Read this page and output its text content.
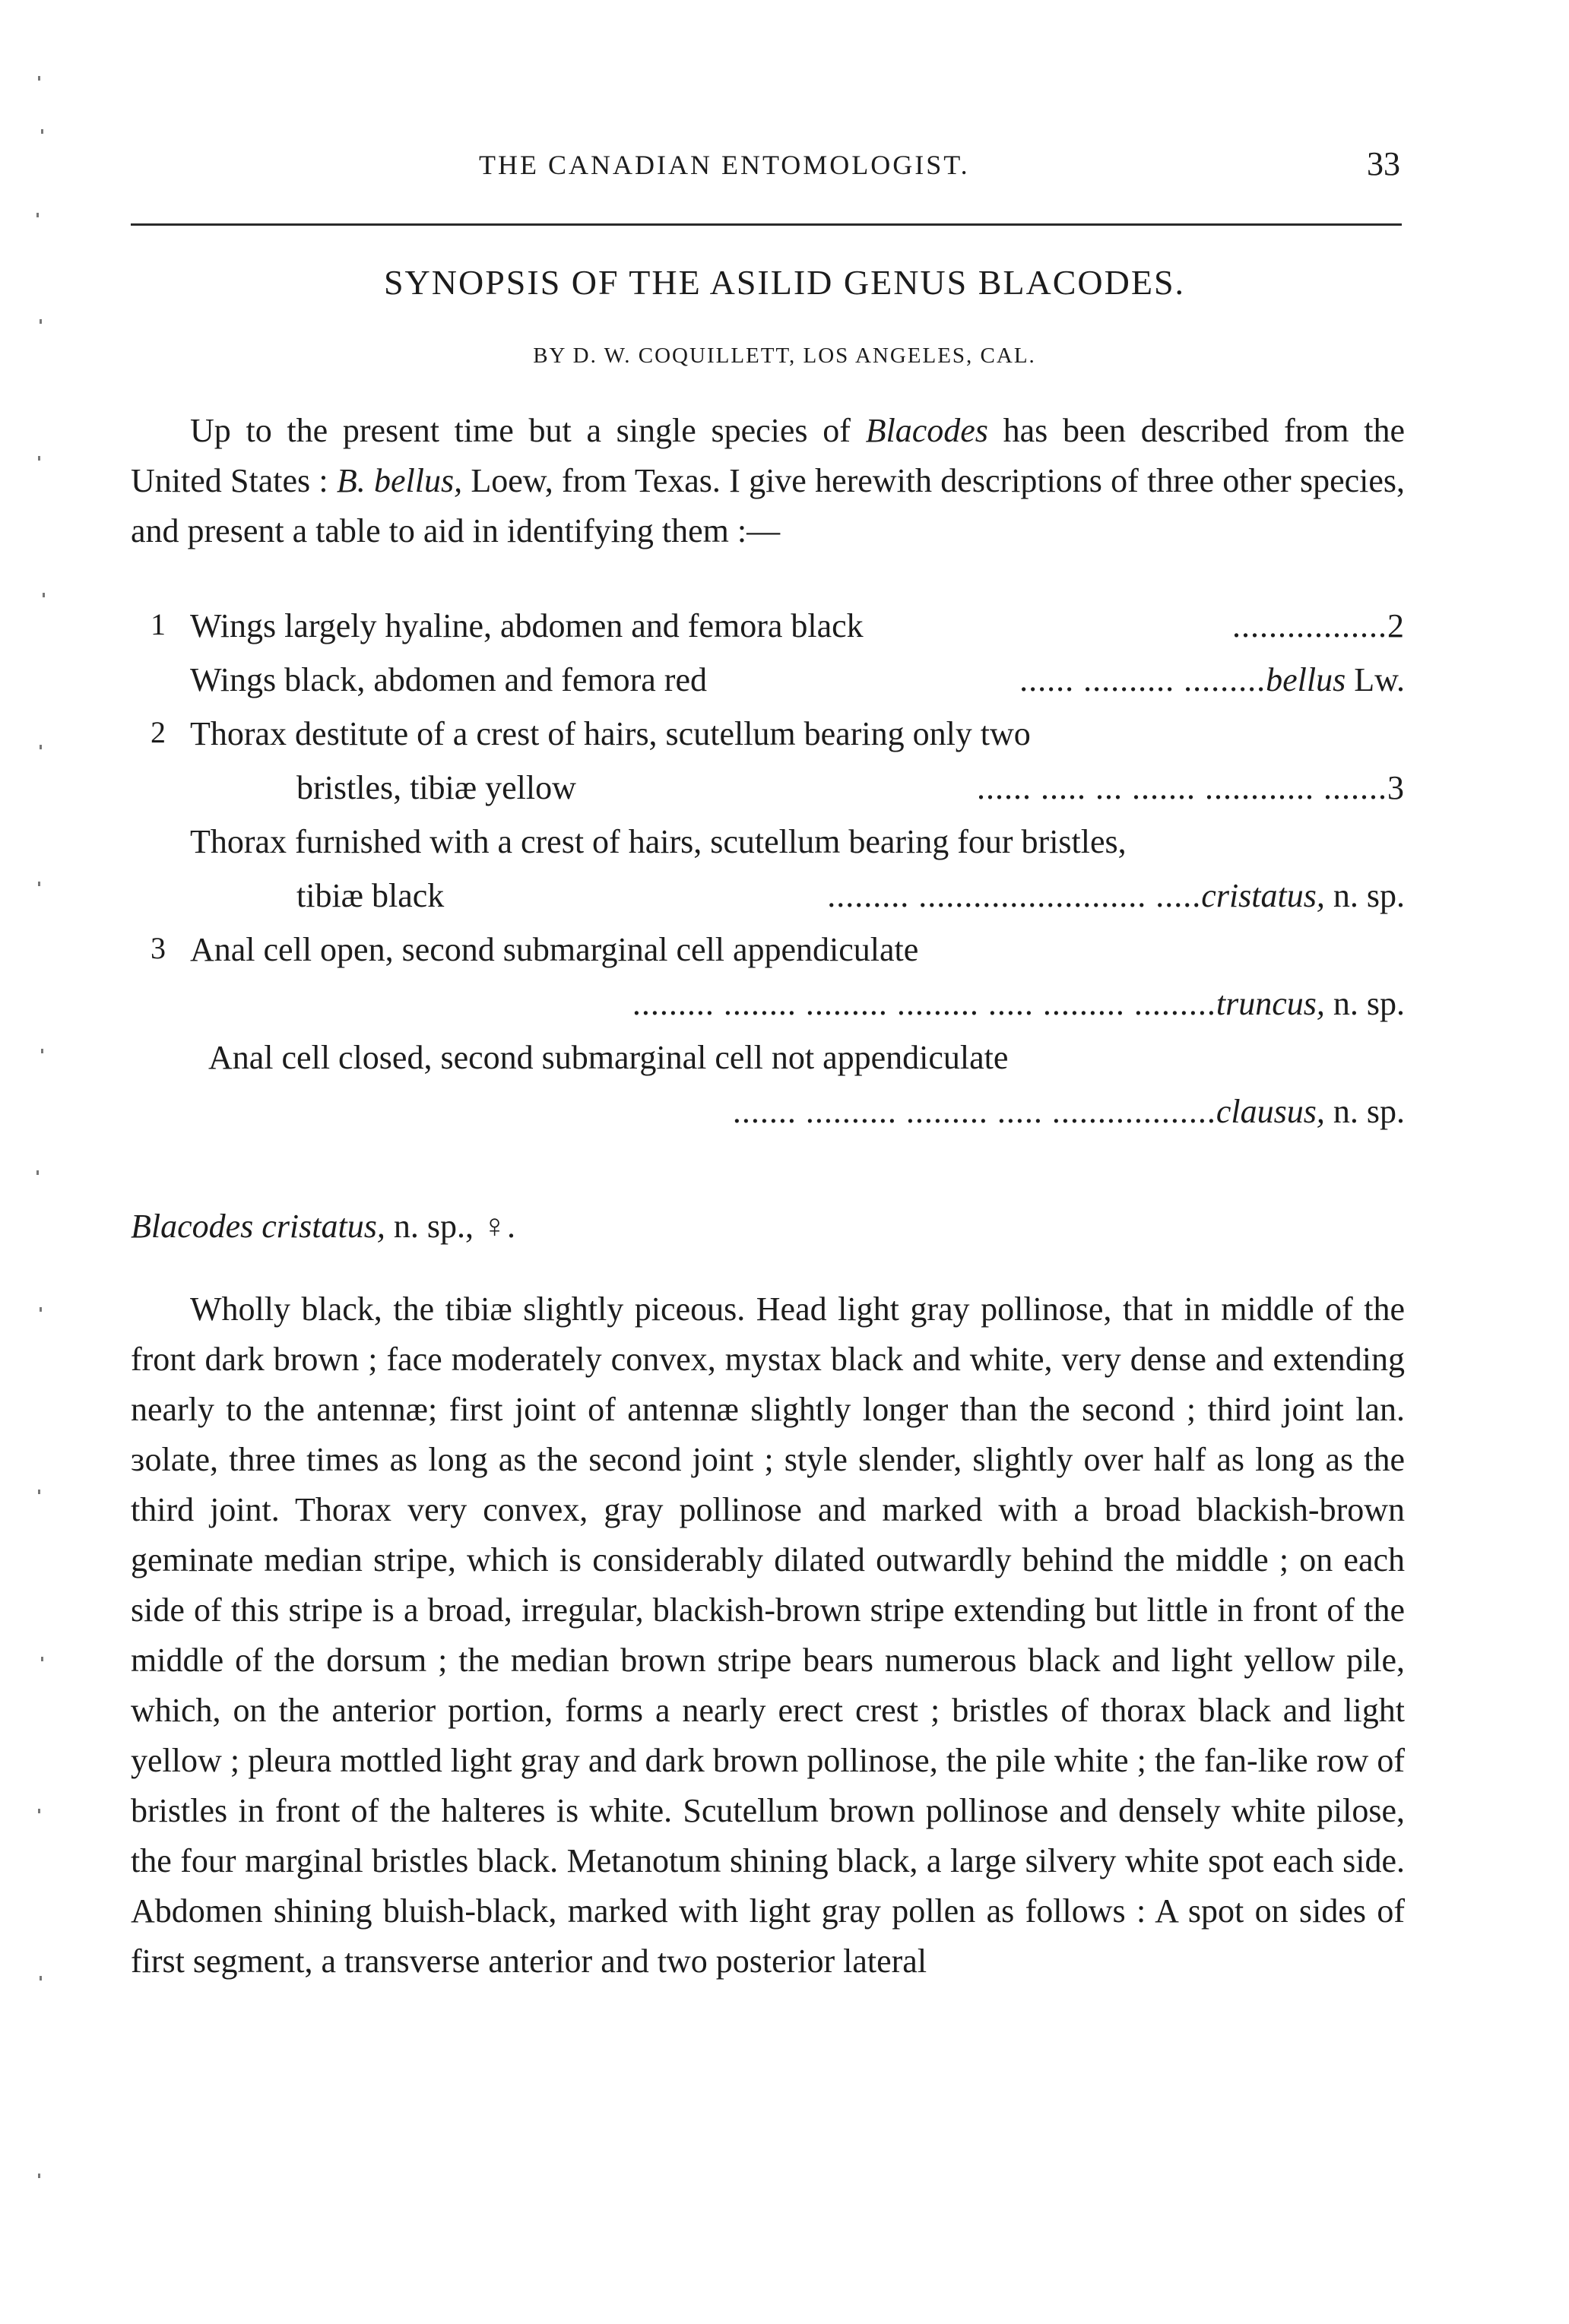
THE CANADIAN ENTOMOLOGIST.	33
SYNOPSIS OF THE ASILID GENUS BLACODES.
BY D. W. COQUILLETT, LOS ANGELES, CAL.

Up to the present time but a single species of Blacodes has been described from the United States : B. bellus, Loew, from Texas. I give herewith descriptions of three other species, and present a table to aid in identifying them :—

1 Wings largely hyaline, abdomen and femora black	.................2
Wings black, abdomen and femora red	...... .......... .........bellus Lw.
2 Thorax destitute of a crest of hairs, scutellum bearing only two
bristles, tibiæ yellow	...... ..... ... ....... ............ .......3
Thorax furnished with a crest of hairs, scutellum bearing four bristles,
tibiæ black	......... ......................... .....cristatus, n. sp.
3 Anal cell open, second submarginal cell appendiculate
......... ........ ......... ......... ..... ......... .........truncus, n. sp.
Anal cell closed, second submarginal cell not appendiculate
....... .......... ......... ..... ..................clausus, n. sp.
Blacodes cristatus, n. sp., ♀.

Wholly black, the tibiæ slightly piceous. Head light gray pollinose, that in middle of the front dark brown ; face moderately convex, mystax black and white, very dense and extending nearly to the antennæ; first joint of antennæ slightly longer than the second ; third joint lan. ɜolate, three times as long as the second joint ; style slender, slightly over half as long as the third joint. Thorax very convex, gray pollinose and marked with a broad blackish-brown geminate median stripe, which is considerably dilated outwardly behind the middle ; on each side of this stripe is a broad, irregular, blackish-brown stripe extending but little in front of the middle of the dorsum ; the median brown stripe bears numerous black and light yellow pile, which, on the anterior portion, forms a nearly erect crest ; bristles of thorax black and light yellow ; pleura mottled light gray and dark brown pollinose, the pile white ; the fan-like row of bristles in front of the halteres is white. Scutellum brown pollinose and densely white pilose, the four marginal bristles black. Metanotum shining black, a large silvery white spot each side. Abdomen shining bluish-black, marked with light gray pollen as follows : A spot on sides of first segment, a transverse anterior and two posterior lateral
